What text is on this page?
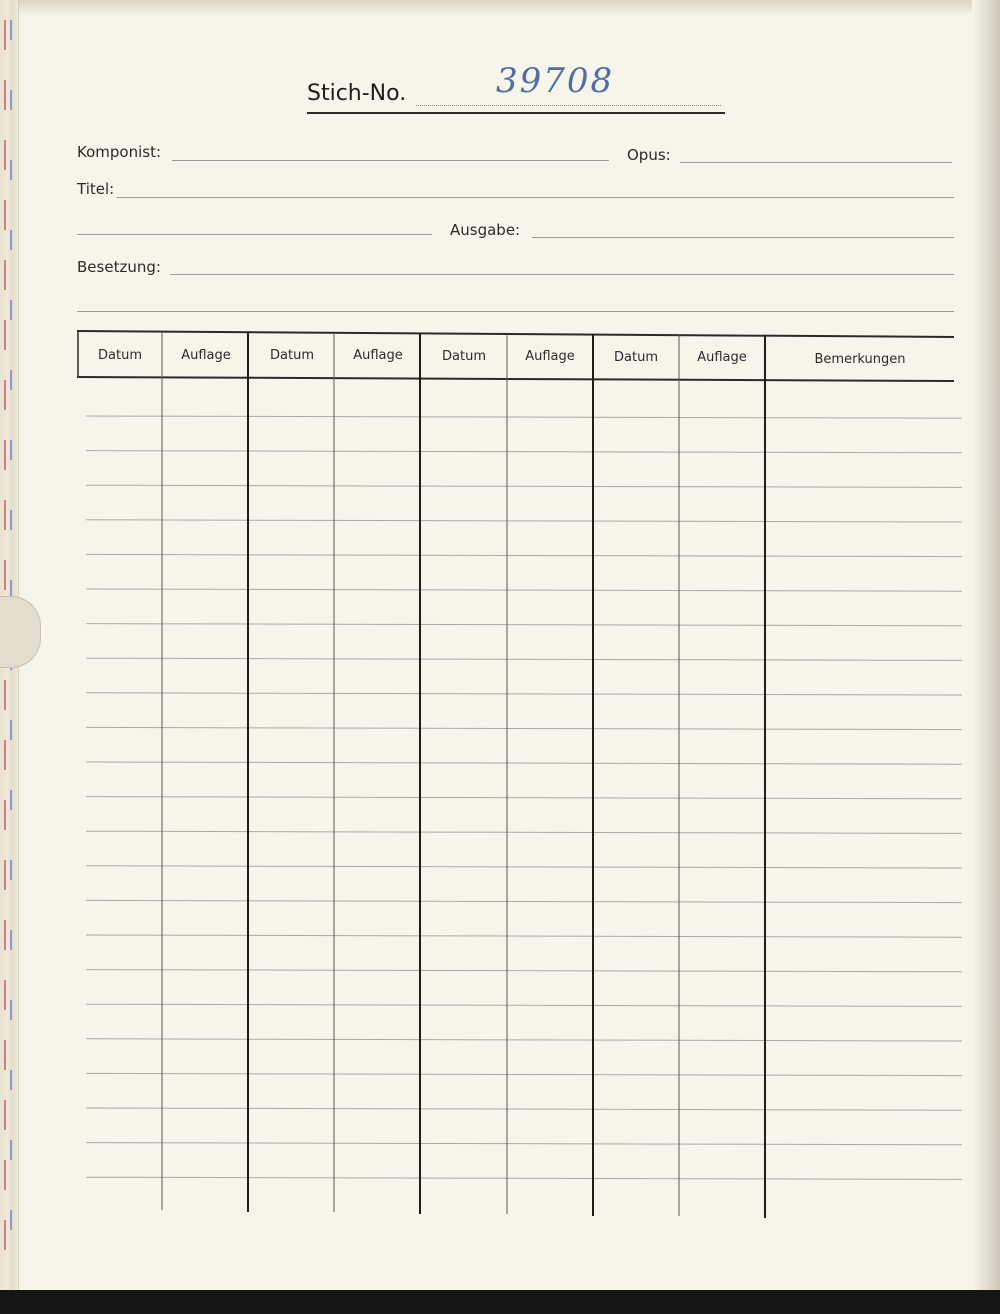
Stich-No.	39708
Komponist:	Opus:
Titel:
Ausgabe:
Besetzung:
Datum	Auflage	Datum	Auflage	Datum	Auflage	Datum	Auflage	Bemerkungen
